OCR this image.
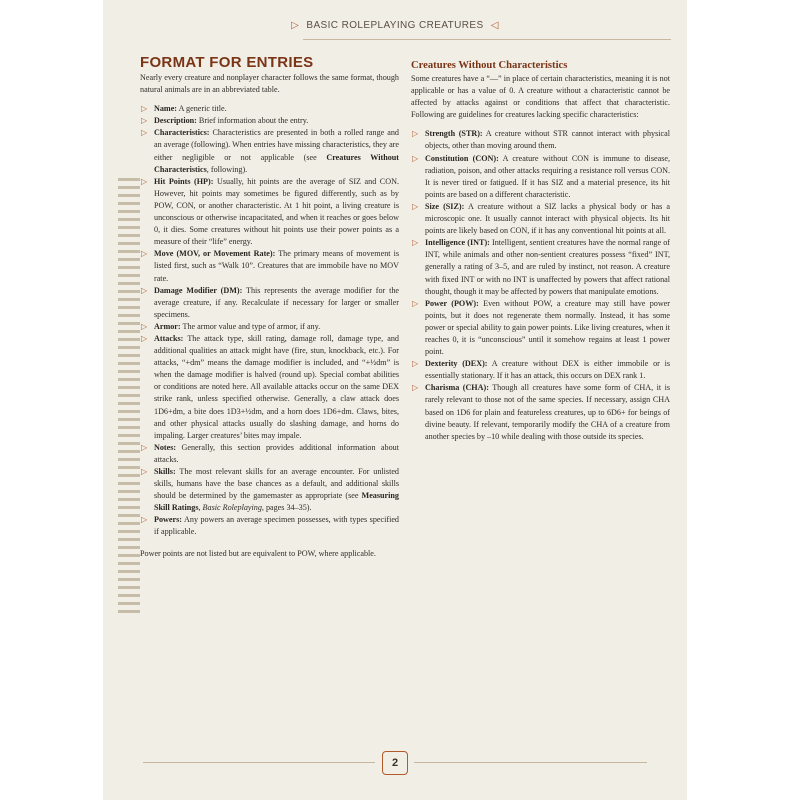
▷ BASIC ROLEPLAYING CREATURES ◁
FORMAT FOR ENTRIES

Nearly every creature and nonplayer character follows the same format, though natural animals are in an abbreviated table.

▷ Name: A generic title.
▷ Description: Brief information about the entry.
▷ Characteristics: Characteristics are presented in both a rolled range and an average (following). When entries have missing characteristics, they are either negligible or not applicable (see Creatures Without Characteristics, following).
▷ Hit Points (HP): Usually, hit points are the average of SIZ and CON. However, hit points may sometimes be figured differently, such as by POW, CON, or another characteristic. At 1 hit point, a living creature is unconscious or otherwise incapacitated, and when it reaches or goes below 0, it dies. Some creatures without hit points use their power points as a measure of their “life” energy.
▷ Move (MOV, or Movement Rate): The primary means of movement is listed first, such as “Walk 10”. Creatures that are immobile have no MOV rate.
▷ Damage Modifier (DM): This represents the average modifier for the average creature, if any. Recalculate if necessary for larger or smaller specimens.
▷ Armor: The armor value and type of armor, if any.
▷ Attacks: The attack type, skill rating, damage roll, damage type, and additional qualities an attack might have (fire, stun, knockback, etc.). For attacks, “+dm” means the damage modifier is included, and “+½dm” is when the damage modifier is halved (round up). Special combat abilities or conditions are noted here. All available attacks occur on the same DEX strike rank, unless specified otherwise. Generally, a claw attack does 1D6+dm, a bite does 1D3+½dm, and a horn does 1D6+dm. Claws, bites, and other physical attacks usually do slashing damage, and horns do impaling. Larger creatures’ bites may impale.
▷ Notes: Generally, this section provides additional information about attacks.
▷ Skills: The most relevant skills for an average encounter. For unlisted skills, humans have the base chances as a default, and additional skills should be determined by the gamemaster as appropriate (see Measuring Skill Ratings, Basic Roleplaying, pages 34–35).
▷ Powers: Any powers an average specimen possesses, with types specified if applicable.

Power points are not listed but are equivalent to POW, where applicable.

Creatures Without Characteristics

Some creatures have a “—” in place of certain characteristics, meaning it is not applicable or has a value of 0. A creature without a characteristic cannot be affected by attacks against or conditions that affect that characteristic. Following are guidelines for creatures lacking specific characteristics:

▷ Strength (STR): A creature without STR cannot interact with physical objects, other than moving around them.
▷ Constitution (CON): A creature without CON is immune to disease, radiation, poison, and other attacks requiring a resistance roll versus CON. It is never tired or fatigued. If it has SIZ and a material presence, its hit points are based on a different characteristic.
▷ Size (SIZ): A creature without a SIZ lacks a physical body or has a microscopic one. It usually cannot interact with physical objects. Its hit points are likely based on CON, if it has any conventional hit points at all.
▷ Intelligence (INT): Intelligent, sentient creatures have the normal range of INT, while animals and other non-sentient creatures possess “fixed” INT, generally a rating of 3–5, and are ruled by instinct, not reason. A creature with fixed INT or with no INT is unaffected by powers that affect rational thought, though it may be affected by powers that manipulate emotions.
▷ Power (POW): Even without POW, a creature may still have power points, but it does not regenerate them normally. Instead, it has some power or special ability to gain power points. Like living creatures, when it reaches 0, it is “unconscious” until it somehow regains at least 1 power point.
▷ Dexterity (DEX): A creature without DEX is either immobile or is essentially stationary. If it has an attack, this occurs on DEX rank 1.
▷ Charisma (CHA): Though all creatures have some form of CHA, it is rarely relevant to those not of the same species. If necessary, assign CHA based on 1D6 for plain and featureless creatures, up to 6D6+ for beings of divine beauty. If relevant, temporarily modify the CHA of a creature from another species by –10 while dealing with those outside its species.
2
